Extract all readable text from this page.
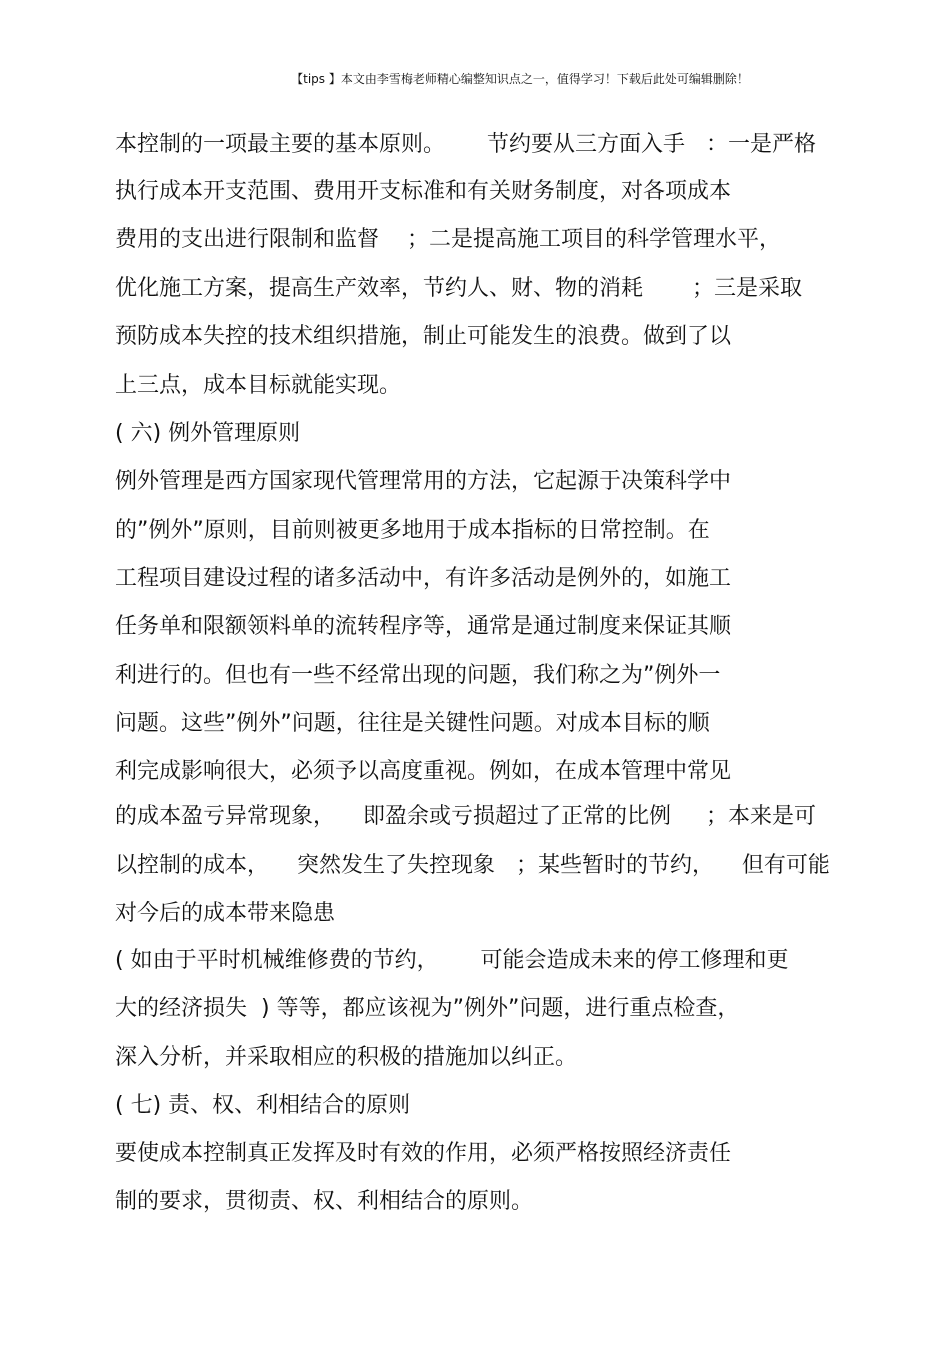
【tips 】本文由李雪梅老师精心编整知识点之一，值得学习！下载后此处可编辑删除！
本控制的一项最主要的基本原则。      节约要从三方面入手   ：一是严格
执行成本开支范围、费用开支标准和有关财务制度，对各项成本
费用的支出进行限制和监督    ；二是提高施工项目的科学管理水平，
优化施工方案，提高生产效率，节约人、财、物的消耗       ；三是采取
预防成本失控的技术组织措施，制止可能发生的浪费。做到了以
上三点，成本目标就能实现。
( 六) 例外管理原则
例外管理是西方国家现代管理常用的方法，它起源于决策科学中
的”例外”原则，目前则被更多地用于成本指标的日常控制。在
工程项目建设过程的诸多活动中，有许多活动是例外的，如施工
任务单和限额领料单的流转程序等，通常是通过制度来保证其顺
利进行的。但也有一些不经常出现的问题，我们称之为”例外一
问题。这些”例外”问题，往往是关键性问题。对成本目标的顺
利完成影响很大，必须予以高度重视。例如，在成本管理中常见
的成本盈亏异常现象，    即盈余或亏损超过了正常的比例     ；本来是可
以控制的成本，    突然发生了失控现象   ；某些暂时的节约，    但有可能
对今后的成本带来隐患
( 如由于平时机械维修费的节约，      可能会造成未来的停工修理和更
大的经济损失  ) 等等，都应该视为”例外”问题，进行重点检查，
深入分析，并采取相应的积极的措施加以纠正。
( 七) 责、权、利相结合的原则
要使成本控制真正发挥及时有效的作用，必须严格按照经济责任
制的要求，贯彻责、权、利相结合的原则。
